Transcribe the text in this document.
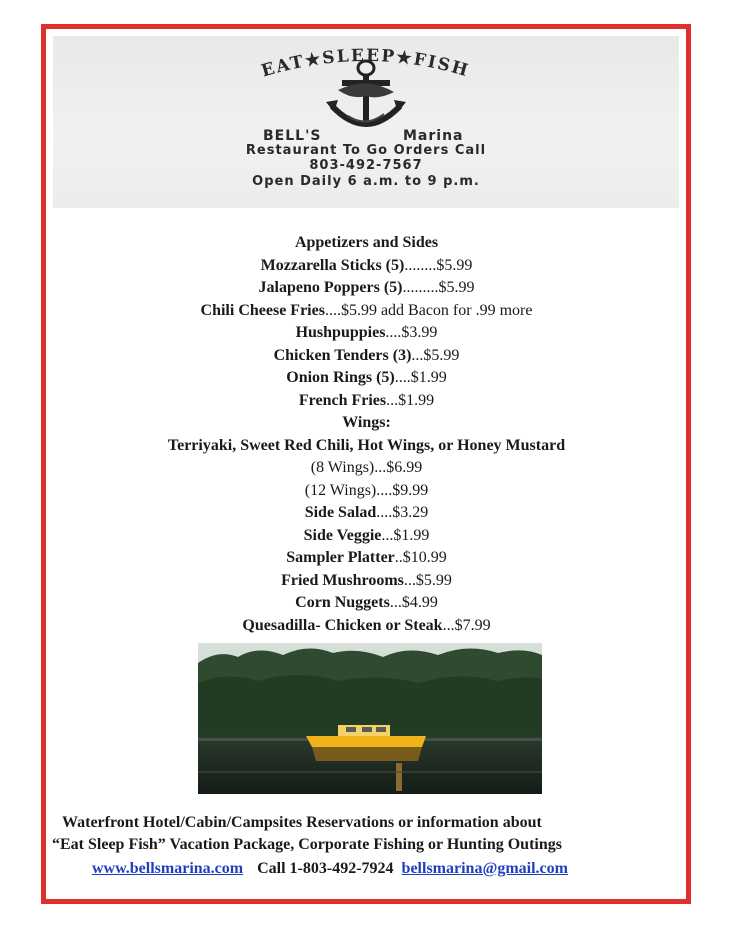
EAT★SLEEP★FISH
BELL'S	Marina
Restaurant To Go Orders Call
803-492-7567
Open Daily 6 a.m. to 9 p.m.
Appetizers and Sides
Mozzarella Sticks (5)........$5.99
Jalapeno Poppers (5).........$5.99
Chili Cheese Fries....$5.99 add Bacon for .99 more
Hushpuppies....$3.99
Chicken Tenders (3)...$5.99
Onion Rings (5)....$1.99
French Fries...$1.99
Wings:
Terriyaki, Sweet Red Chili, Hot Wings, or Honey Mustard
(8 Wings)...$6.99
(12 Wings)....$9.99
Side Salad....$3.29
Side Veggie...$1.99
Sampler Platter..$10.99
Fried Mushrooms...$5.99
Corn Nuggets...$4.99
Quesadilla- Chicken or Steak...$7.99
Waterfront Hotel/Cabin/Campsites Reservations or information about
“Eat Sleep Fish” Vacation Package, Corporate Fishing or Hunting Outings
www.bellsmarina.com Call 1-803-492-7924 bellsmarina@gmail.com
